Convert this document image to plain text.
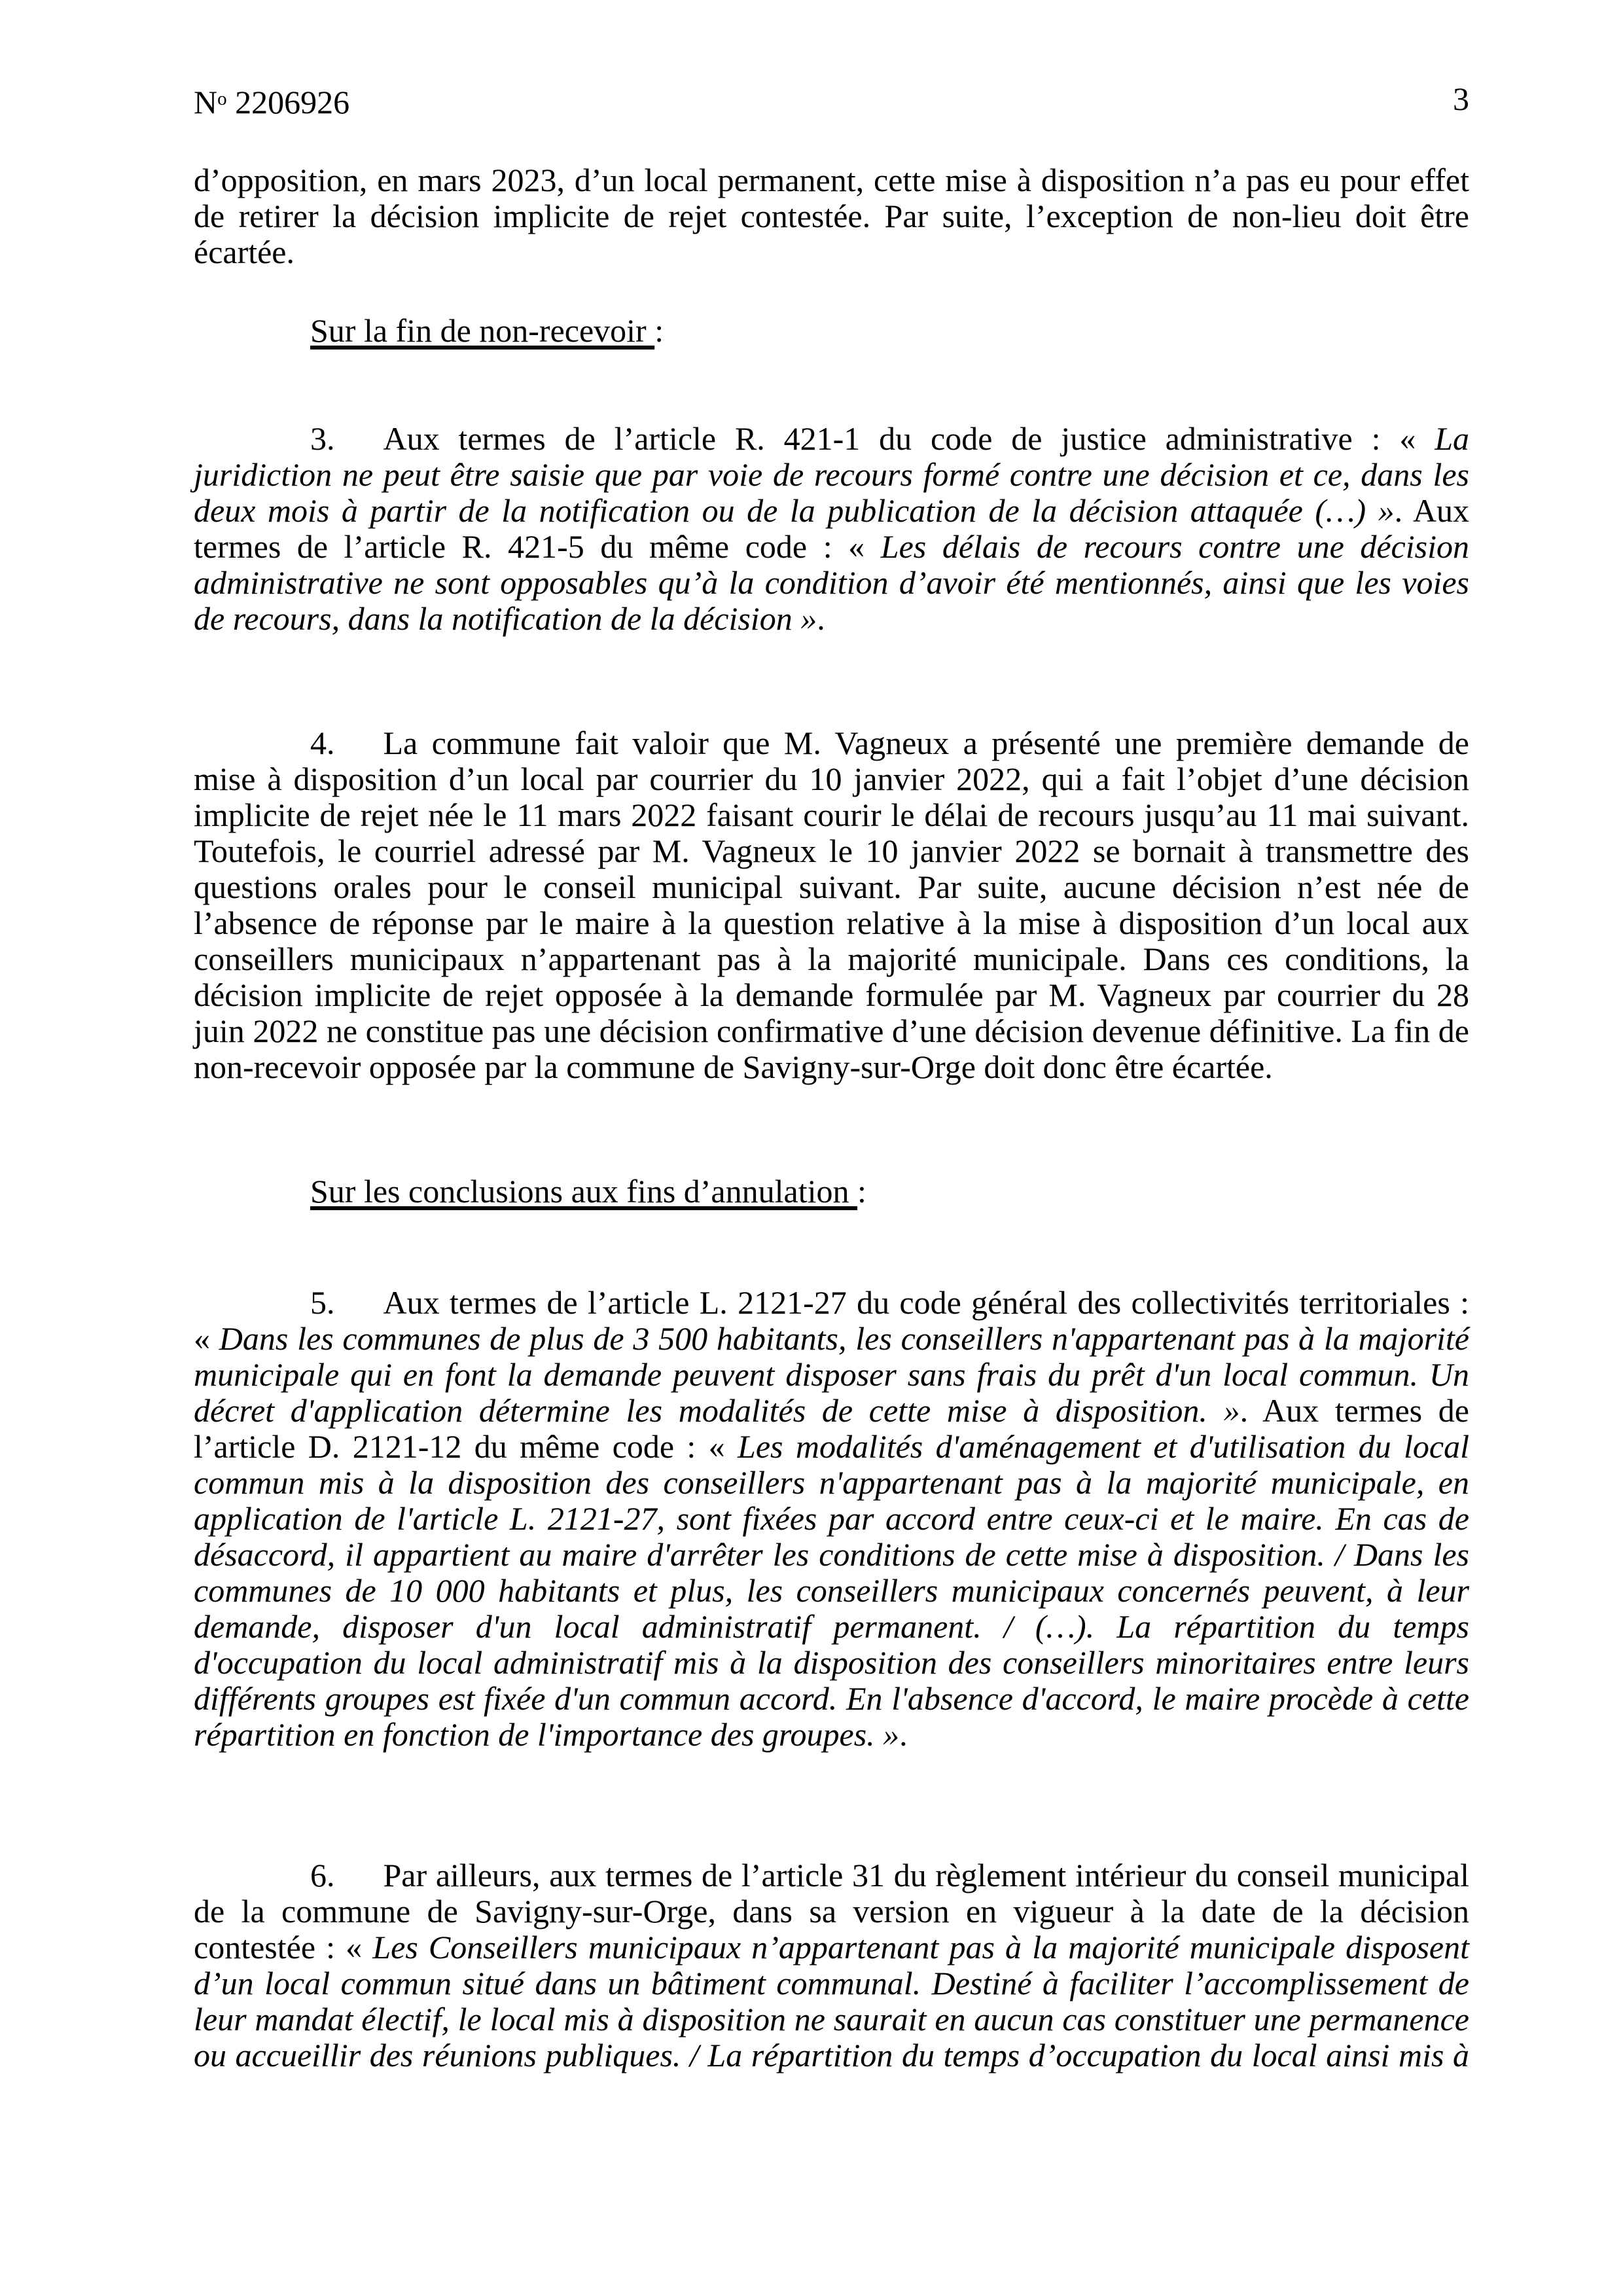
$N^o$ 2206926	3

d’opposition, en mars 2023, d’un local permanent, cette mise à disposition n’a pas eu pour effet de retirer la décision implicite de rejet contestée. Par suite, l’exception de non-lieu doit être écartée.

Sur la fin de non-recevoir :

3. Aux termes de l’article R. 421-1 du code de justice administrative : « La juridiction ne peut être saisie que par voie de recours formé contre une décision et ce, dans les deux mois à partir de la notification ou de la publication de la décision attaquée (…) ». Aux termes de l’article R. 421-5 du même code : « Les délais de recours contre une décision administrative ne sont opposables qu’à la condition d’avoir été mentionnés, ainsi que les voies de recours, dans la notification de la décision ».

4. La commune fait valoir que M. Vagneux a présenté une première demande de mise à disposition d’un local par courrier du 10 janvier 2022, qui a fait l’objet d’une décision implicite de rejet née le 11 mars 2022 faisant courir le délai de recours jusqu’au 11 mai suivant. Toutefois, le courriel adressé par M. Vagneux le 10 janvier 2022 se bornait à transmettre des questions orales pour le conseil municipal suivant. Par suite, aucune décision n’est née de l’absence de réponse par le maire à la question relative à la mise à disposition d’un local aux conseillers municipaux n’appartenant pas à la majorité municipale. Dans ces conditions, la décision implicite de rejet opposée à la demande formulée par M. Vagneux par courrier du 28 juin 2022 ne constitue pas une décision confirmative d’une décision devenue définitive. La fin de non-recevoir opposée par la commune de Savigny-sur-Orge doit donc être écartée.

Sur les conclusions aux fins d’annulation :

5. Aux termes de l’article L. 2121-27 du code général des collectivités territoriales : « Dans les communes de plus de 3 500 habitants, les conseillers n'appartenant pas à la majorité municipale qui en font la demande peuvent disposer sans frais du prêt d'un local commun. Un décret d'application détermine les modalités de cette mise à disposition. ». Aux termes de l’article D. 2121-12 du même code : « Les modalités d'aménagement et d'utilisation du local commun mis à la disposition des conseillers n'appartenant pas à la majorité municipale, en application de l'article L. 2121-27, sont fixées par accord entre ceux-ci et le maire. En cas de désaccord, il appartient au maire d'arrêter les conditions de cette mise à disposition. / Dans les communes de 10 000 habitants et plus, les conseillers municipaux concernés peuvent, à leur demande, disposer d'un local administratif permanent. / (…). La répartition du temps d'occupation du local administratif mis à la disposition des conseillers minoritaires entre leurs différents groupes est fixée d'un commun accord. En l'absence d'accord, le maire procède à cette répartition en fonction de l'importance des groupes. ».

6. Par ailleurs, aux termes de l’article 31 du règlement intérieur du conseil municipal de la commune de Savigny-sur-Orge, dans sa version en vigueur à la date de la décision contestée : « Les Conseillers municipaux n’appartenant pas à la majorité municipale disposent d’un local commun situé dans un bâtiment communal. Destiné à faciliter l’accomplissement de leur mandat électif, le local mis à disposition ne saurait en aucun cas constituer une permanence ou accueillir des réunions publiques. / La répartition du temps d’occupation du local ainsi mis à
